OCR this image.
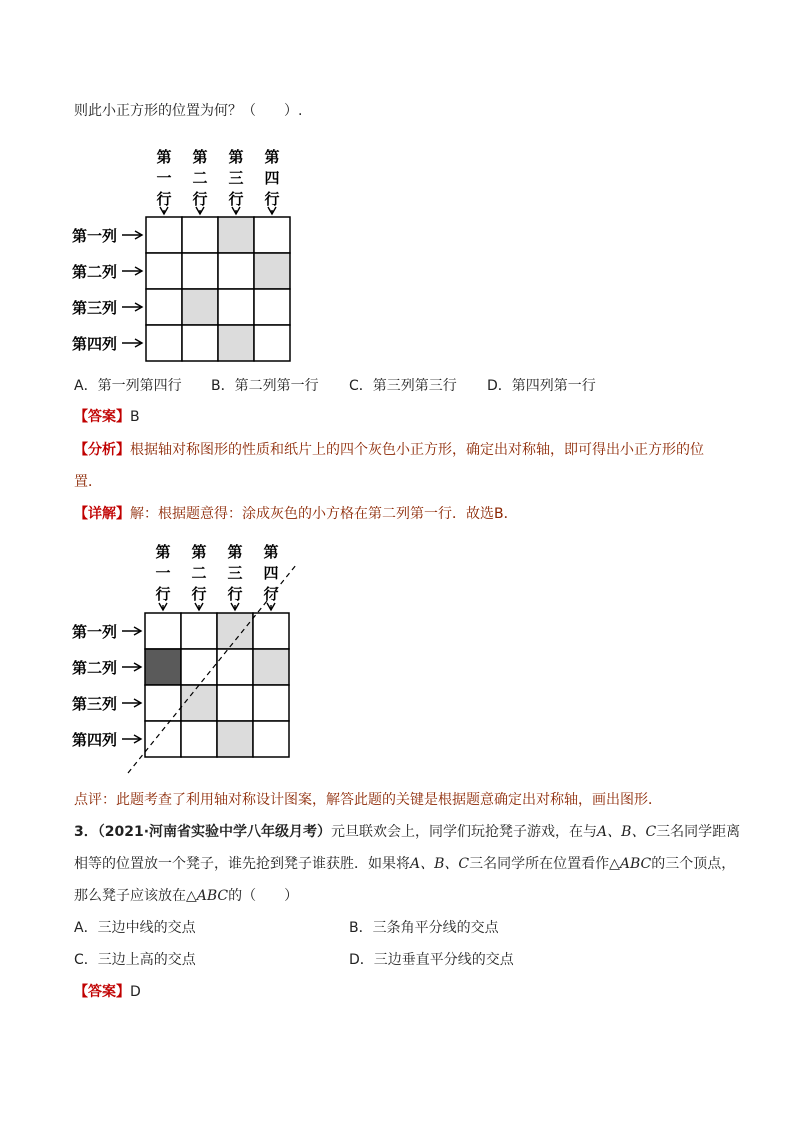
则此小正方形的位置为何？（　　）.
第
一
行
第
二
行
第
三
行
第
四
行
第一列
第二列
第三列
第四列
A．第一列第四行 B．第二列第一行 C．第三列第三行 D．第四列第一行
【答案】B
【分析】根据轴对称图形的性质和纸片上的四个灰色小正方形，确定出对称轴，即可得出小正方形的位
置．
【详解】解：根据题意得：涂成灰色的小方格在第二列第一行．故选B．
第
一
行
第
二
行
第
三
行
第
四
行
第一列
第二列
第三列
第四列
点评：此题考查了利用轴对称设计图案，解答此题的关键是根据题意确定出对称轴，画出图形．
3．（2021·河南省实验中学八年级月考）元旦联欢会上，同学们玩抢凳子游戏，在与A、B、C三名同学距离
相等的位置放一个凳子，谁先抢到凳子谁获胜．如果将A、B、C三名同学所在位置看作△ABC的三个顶点，
那么凳子应该放在△ABC的（　　）
A．三边中线的交点	B．三条角平分线的交点
C．三边上高的交点	D．三边垂直平分线的交点
【答案】D
